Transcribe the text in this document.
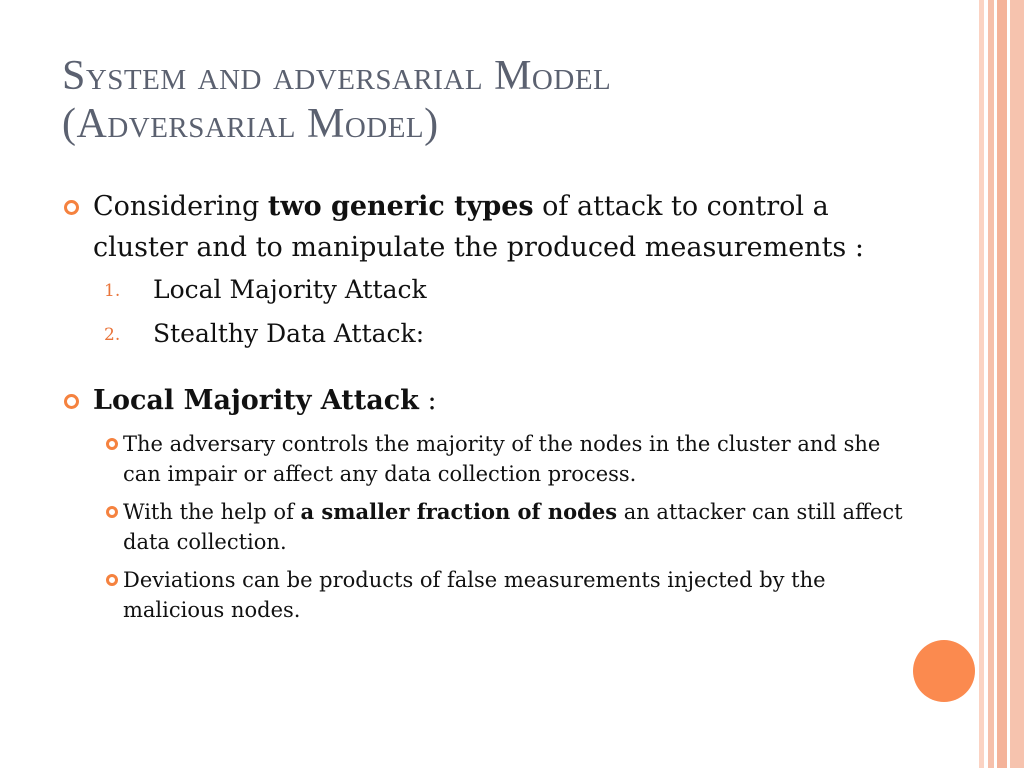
System and adversarial Model
(Adversarial Model)
Considering two generic types of attack to control a cluster and to manipulate the produced measurements :
1. Local Majority Attack
2. Stealthy Data Attack:
Local Majority Attack :
The adversary controls the majority of the nodes in the cluster and she can impair or affect any data collection process.
With the help of a smaller fraction of nodes an attacker can still affect data collection.
Deviations can be products of false measurements injected by the malicious nodes.
